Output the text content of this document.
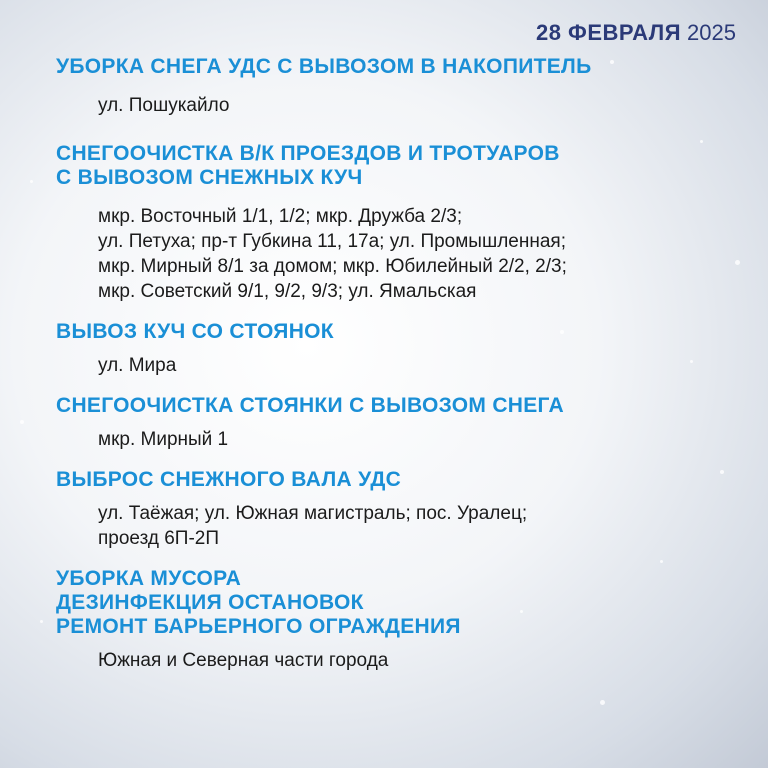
28 ФЕВРАЛЯ 2025
УБОРКА СНЕГА УДС С ВЫВОЗОМ В НАКОПИТЕЛЬ
ул. Пошукайло
СНЕГООЧИСТКА В/К ПРОЕЗДОВ И ТРОТУАРОВ
С ВЫВОЗОМ СНЕЖНЫХ КУЧ
мкр. Восточный 1/1, 1/2; мкр. Дружба 2/3;
ул. Петуха; пр-т Губкина 11, 17а; ул. Промышленная;
мкр. Мирный 8/1 за домом; мкр. Юбилейный 2/2, 2/3;
мкр. Советский 9/1, 9/2, 9/3; ул. Ямальская
ВЫВОЗ КУЧ СО СТОЯНОК
ул. Мира
СНЕГООЧИСТКА СТОЯНКИ С ВЫВОЗОМ СНЕГА
мкр. Мирный 1
ВЫБРОС СНЕЖНОГО ВАЛА УДС
ул. Таёжая; ул. Южная магистраль; пос. Уралец;
проезд 6П-2П
УБОРКА МУСОРА
ДЕЗИНФЕКЦИЯ ОСТАНОВОК
РЕМОНТ БАРЬЕРНОГО ОГРАЖДЕНИЯ
Южная и Северная части города
